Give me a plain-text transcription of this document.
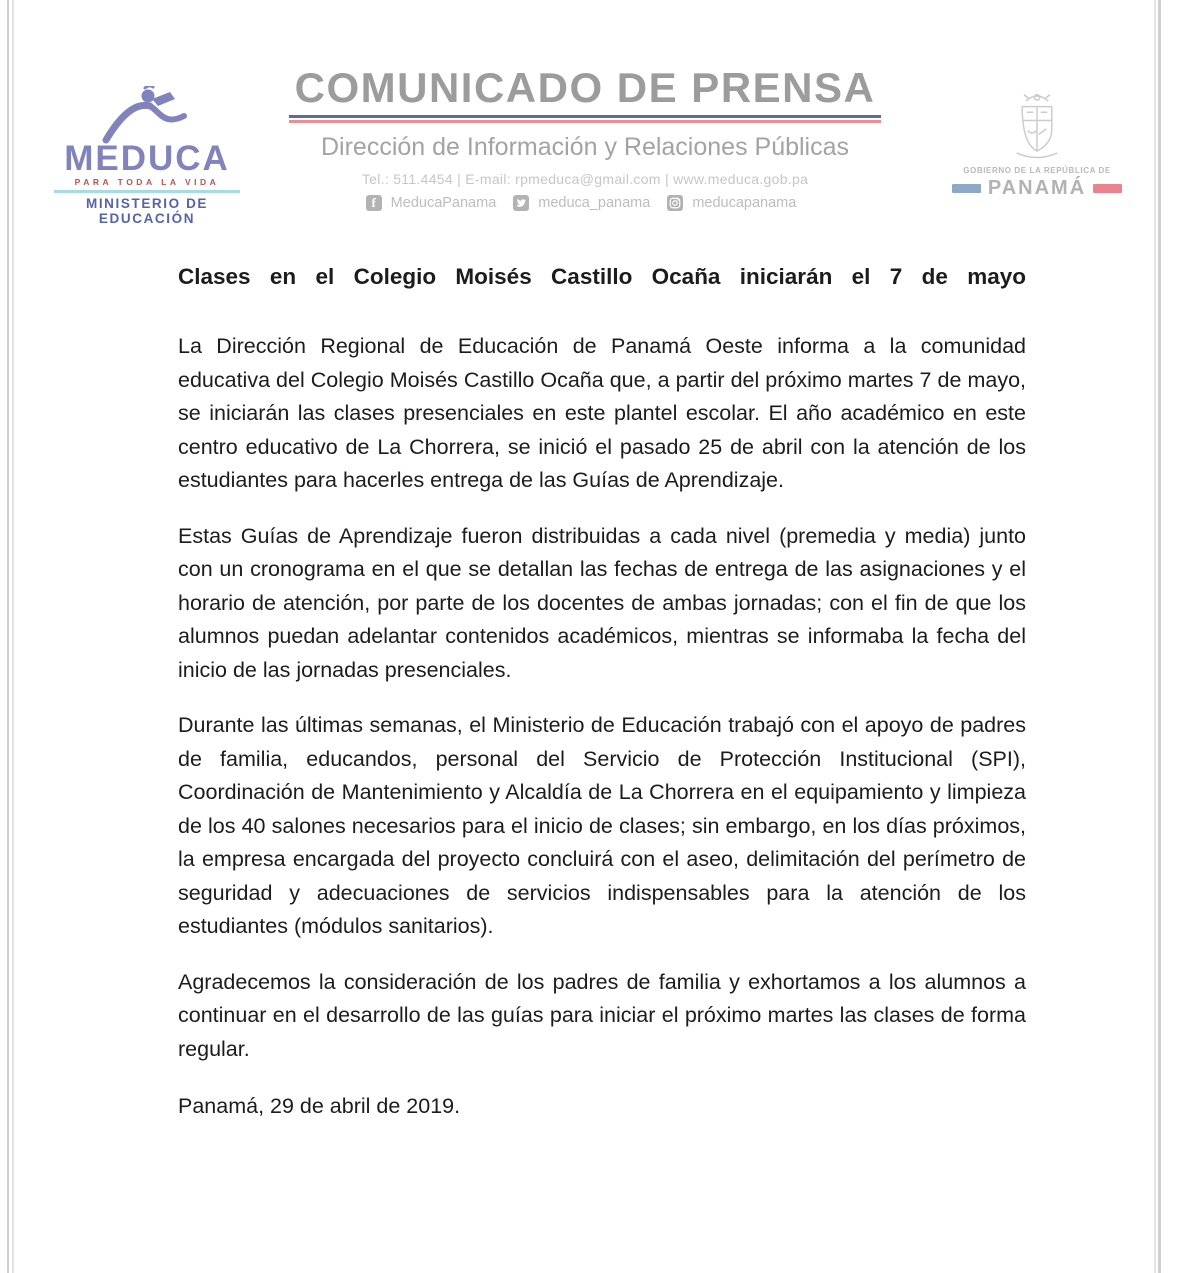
MEDUCA
PARA TODA LA VIDA
MINISTERIO DE EDUCACIÓN
COMUNICADO DE PRENSA
Dirección de Información y Relaciones Públicas
Tel.: 511.4454 | E-mail: rpmeduca@gmail.com | www.meduca.gob.pa
f MeducaPanama	meduca_panama	meducapanama
GOBIERNO DE LA REPÚBLICA DE
PANAMÁ
Clases en el Colegio Moisés Castillo Ocaña iniciarán el 7 de mayo

La Dirección Regional de Educación de Panamá Oeste informa a la comunidad educativa del Colegio Moisés Castillo Ocaña que, a partir del próximo martes 7 de mayo, se iniciarán las clases presenciales en este plantel escolar. El año académico en este centro educativo de La Chorrera, se inició el pasado 25 de abril con la atención de los estudiantes para hacerles entrega de las Guías de Aprendizaje.

Estas Guías de Aprendizaje fueron distribuidas a cada nivel (premedia y media) junto con un cronograma en el que se detallan las fechas de entrega de las asignaciones y el horario de atención, por parte de los docentes de ambas jornadas; con el fin de que los alumnos puedan adelantar contenidos académicos, mientras se informaba la fecha del inicio de las jornadas presenciales.

Durante las últimas semanas, el Ministerio de Educación trabajó con el apoyo de padres de familia, educandos, personal del Servicio de Protección Institucional (SPI), Coordinación de Mantenimiento y Alcaldía de La Chorrera en el equipamiento y limpieza de los 40 salones necesarios para el inicio de clases; sin embargo, en los días próximos, la empresa encargada del proyecto concluirá con el aseo, delimitación del perímetro de seguridad y adecuaciones de servicios indispensables para la atención de los estudiantes (módulos sanitarios).

Agradecemos la consideración de los padres de familia y exhortamos a los alumnos a continuar en el desarrollo de las guías para iniciar el próximo martes las clases de forma regular.

Panamá, 29 de abril de 2019.
